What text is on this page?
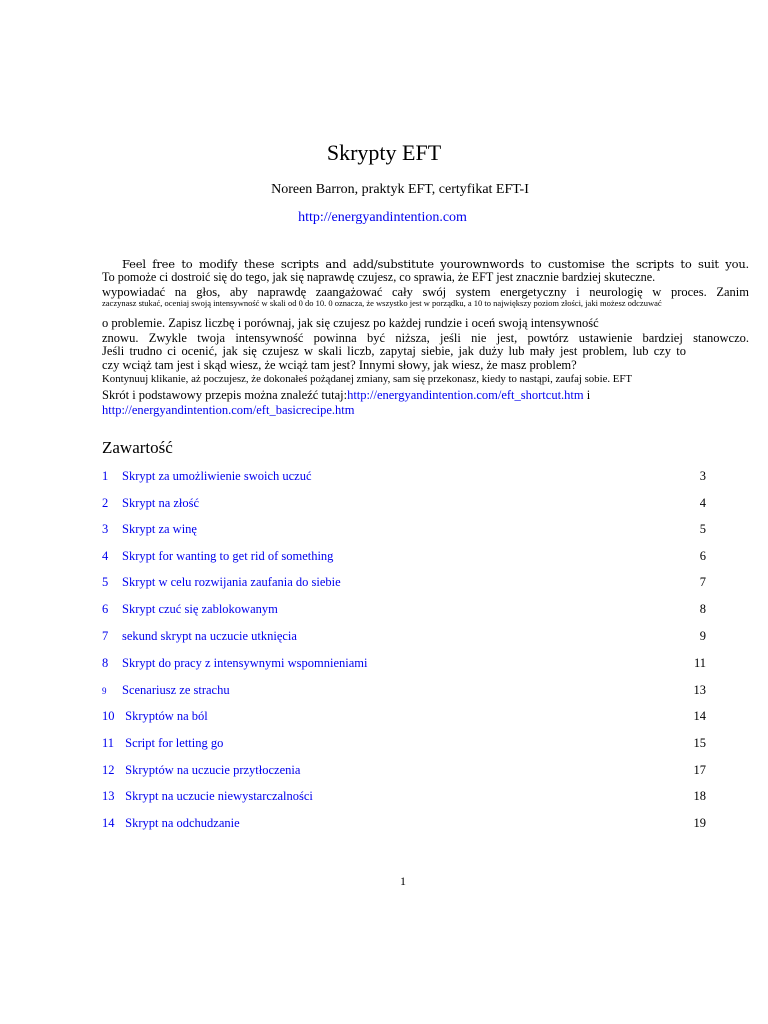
Skrypty EFT
Noreen Barron, praktyk EFT, certyfikat EFT-I
http://energyandintention.com
Feel free to modify these scripts and add/substitute yourownwords to customise the scripts to suit you.
To pomoże ci dostroić się do tego, jak się naprawdę czujesz, co sprawia, że EFT jest znacznie bardziej skuteczne.
wypowiadać na głos, aby naprawdę zaangażować cały swój system energetyczny i neurologię w proces. Zanim
zaczynasz stukać, oceniaj swoją intensywność w skali od 0 do 10. 0 oznacza, że wszystko jest w porządku, a 10 to największy poziom złości, jaki możesz odczuwać
o problemie. Zapisz liczbę i porównaj, jak się czujesz po każdej rundzie i oceń swoją intensywność
znowu. Zwykle twoja intensywność powinna być niższa, jeśli nie jest, powtórz ustawienie bardziej stanowczo.
Jeśli trudno ci ocenić, jak się czujesz w skali liczb, zapytaj siebie, jak duży lub mały jest problem, lub czy to
czy wciąż tam jest i skąd wiesz, że wciąż tam jest? Innymi słowy, jak wiesz, że masz problem?
Kontynuuj klikanie, aż poczujesz, że dokonałeś pożądanej zmiany, sam się przekonasz, kiedy to nastąpi, zaufaj sobie. EFT
Skrót i podstawowy przepis można znaleźć tutaj:http://energyandintention.com/eft_shortcut.htm i
http://energyandintention.com/eft_basicrecipe.htm
Zawartość
1 Skrypt za umożliwienie swoich uczuć	3
2 Skrypt na złość	4
3 Skrypt za winę	5
4 Skrypt for wanting to get rid of something	6
5 Skrypt w celu rozwijania zaufania do siebie	7
6 Skrypt czuć się zablokowanym	8
7 sekund skrypt na uczucie utknięcia	9
8 Skrypt do pracy z intensywnymi wspomnieniami	11
9 Scenariusz ze strachu	13
10 Skryptów na ból	14
11 Script for letting go	15
12 Skryptów na uczucie przytłoczenia	17
13 Skrypt na uczucie niewystarczalności	18
14 Skrypt na odchudzanie	19
1
